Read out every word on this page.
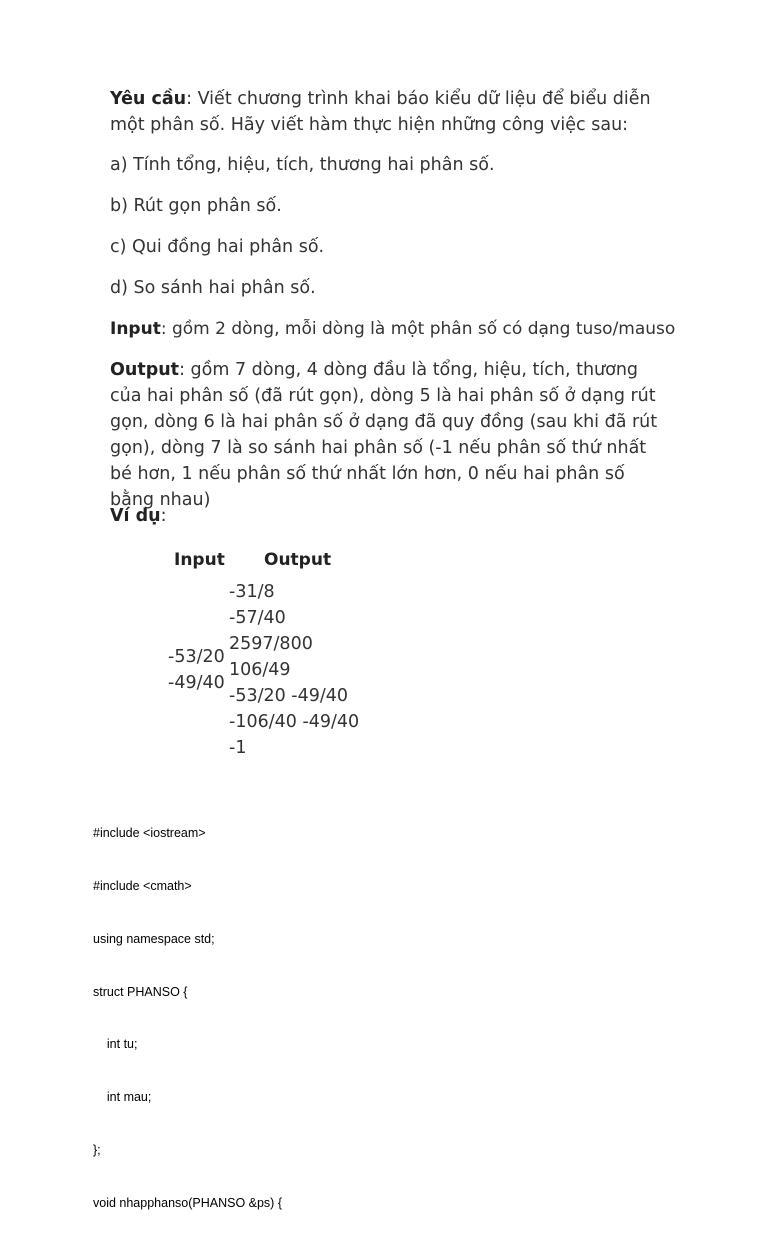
Yêu cầu: Viết chương trình khai báo kiểu dữ liệu để biểu diễn một phân số. Hãy viết hàm thực hiện những công việc sau:

a) Tính tổng, hiệu, tích, thương hai phân số.

b) Rút gọn phân số.

c) Qui đồng hai phân số.

d) So sánh hai phân số.

Input: gồm 2 dòng, mỗi dòng là một phân số có dạng tuso/mauso

Output: gồm 7 dòng, 4 dòng đầu là tổng, hiệu, tích, thương của hai phân số (đã rút gọn), dòng 5 là hai phân số ở dạng rút gọn, dòng 6 là hai phân số ở dạng đã quy đồng (sau khi đã rút gọn), dòng 7 là so sánh hai phân số (-1 nếu phân số thứ nhất bé hơn, 1 nếu phân số thứ nhất lớn hơn, 0 nếu hai phân số bằng nhau)

Ví dụ:

Input Output
-53/20
-49/40
-31/8
-57/40
2597/800
106/49
-53/20 -49/40
-106/40 -49/40
-1

#include <iostream>

#include <cmath>

using namespace std;

struct PHANSO {

int tu;

int mau;

};

void nhapphanso(PHANSO &ps) {
